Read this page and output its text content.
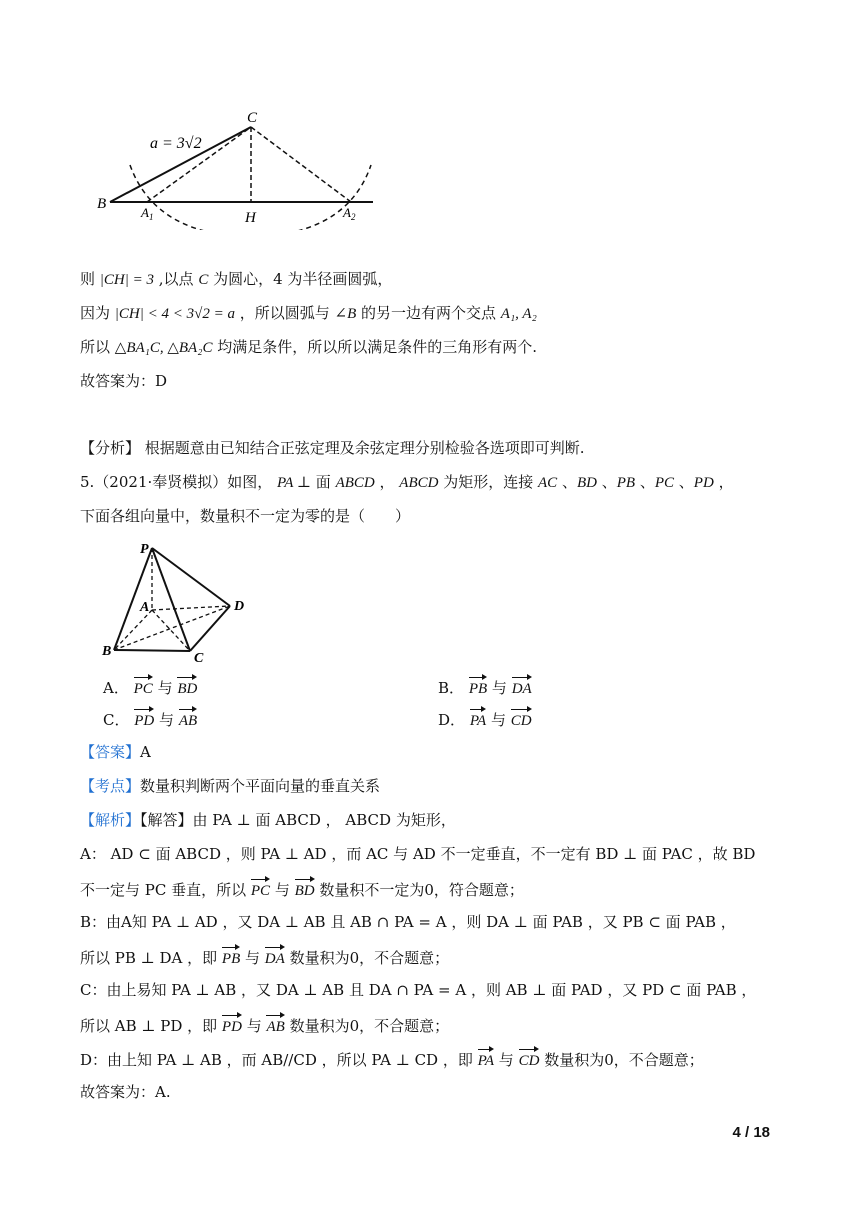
a = 3√2
B
C
H
$A_1$	$A_2$
则 |CH| = 3 ,以点 C 为圆心，4 为半径画圆弧，
因为 |CH| < 4 < 3√2 = a ，所以圆弧与 ∠B 的另一边有两个交点 A₁, A₂
所以 △BA₁C, △BA₂C 均满足条件，所以所以满足条件的三角形有两个.
故答案为：D
【分析】 根据题意由已知结合正弦定理及余弦定理分别检验各选项即可判断.
5.（2021·奉贤模拟）如图， PA ⊥ 面 ABCD ， ABCD 为矩形，连接 AC 、BD 、PB 、PC 、PD ，
下面各组向量中，数量积不一定为零的是（　　）
P
A
B	C
D
A． PC 与 BD	B． PB 与 DA
C． PD 与 AB	D． PA 与 CD
【答案】A
【考点】数量积判断两个平面向量的垂直关系
【解析】【解答】由 PA ⊥ 面 ABCD ， ABCD 为矩形，
A： AD ⊂ 面 ABCD ，则 PA ⊥ AD ，而 AC 与 AD 不一定垂直，不一定有 BD ⊥ 面 PAC ，故 BD
不一定与 PC 垂直，所以 PC 与 BD 数量积不一定为0，符合题意；
B：由A知 PA ⊥ AD ，又 DA ⊥ AB 且 AB ∩ PA = A ，则 DA ⊥ 面 PAB ，又 PB ⊂ 面 PAB ，
所以 PB ⊥ DA ，即 PB 与 DA 数量积为0，不合题意；
C：由上易知 PA ⊥ AB ，又 DA ⊥ AB 且 DA ∩ PA = A ，则 AB ⊥ 面 PAD ，又 PD ⊂ 面 PAB ，
所以 AB ⊥ PD ，即 PD 与 AB 数量积为0，不合题意；
D：由上知 PA ⊥ AB ，而 AB//CD ，所以 PA ⊥ CD ，即 PA 与 CD 数量积为0，不合题意；
故答案为：A.
4 / 18
